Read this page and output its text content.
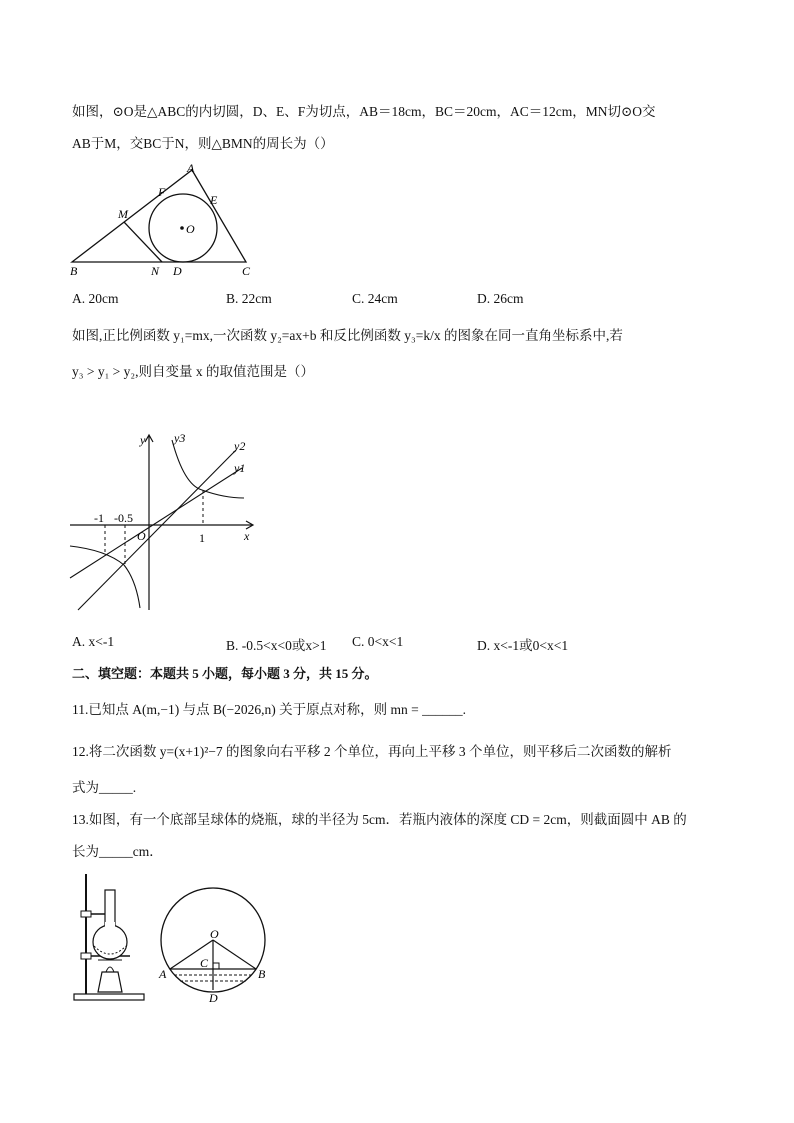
如图，⊙O是△ABC的内切圆，D、E、F为切点，AB＝18cm，BC＝20cm，AC＝12cm，MN切⊙O交
AB于M，交BC于N，则△BMN的周长为（）
A
E
F
M
O
B	N D	C
A. 20cm	B. 22cm	C. 24cm	D. 26cm
如图,正比例函数 y₁=mx,一次函数 y₂=ax+b 和反比例函数 y₃=k/x 的图象在同一直角坐标系中,若
y₃ > y₁ > y₂,则自变量 x 的取值范围是（）
y y3
y2
y1
-1 -0.5
O	1	x
A. x<-1	B. -0.5<x<0或x>1 C. 0<x<1	D. x<-1或0<x<1
二、填空题：本题共 5 小题，每小题 3 分，共 15 分。
11.已知点 A(m,−1) 与点 B(−2026,n) 关于原点对称，则 mn = ______.
12.将二次函数 y=(x+1)²−7 的图象向右平移 2 个单位，再向上平移 3 个单位，则平移后二次函数的解析
式为_____.
13.如图，有一个底部呈球体的烧瓶，球的半径为 5cm．若瓶内液体的深度 CD = 2cm，则截面圆中 AB 的
长为_____cm．
O
C
A	B
D
